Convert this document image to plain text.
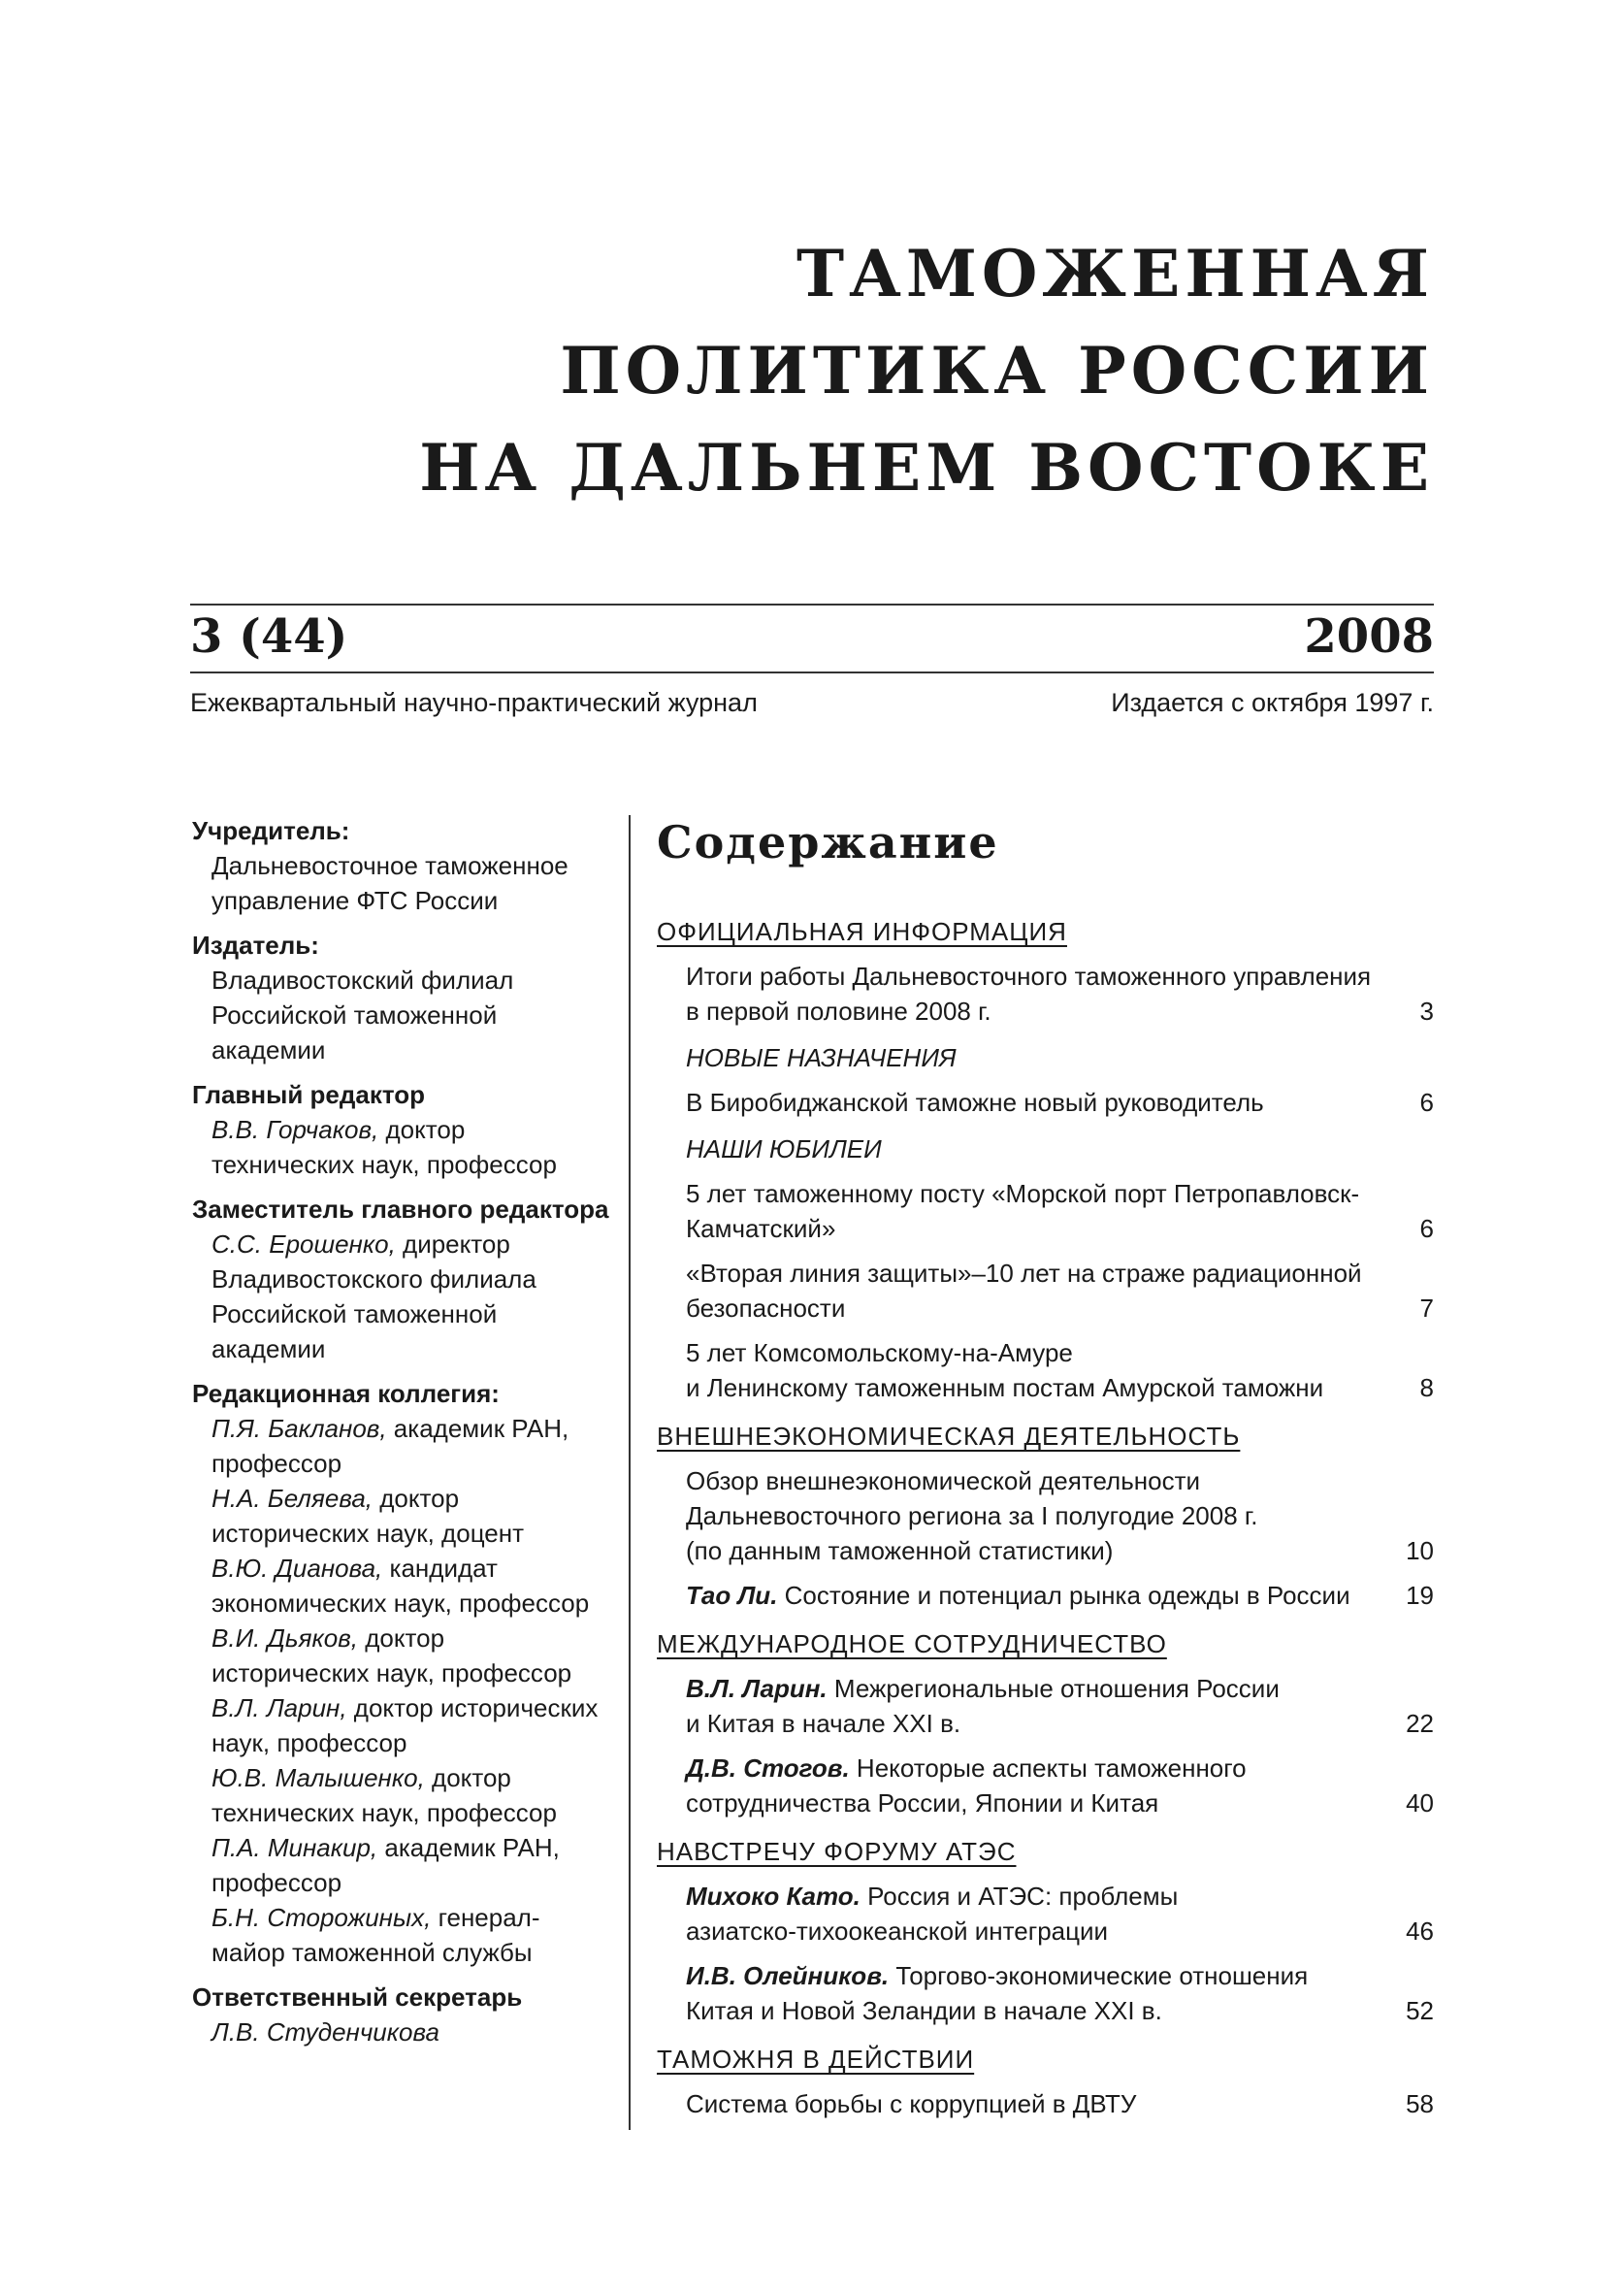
ТАМОЖЕННАЯ
ПОЛИТИКА РОССИИ
НА ДАЛЬНЕМ ВОСТОКЕ
3 (44)	2008
Ежеквартальный научно-практический журнал	Издается с октября 1997 г.
Учредитель:
Дальневосточное таможенное
управление ФТС России
Издатель:
Владивостокский филиал
Российской таможенной
академии
Главный редактор
В.В. Горчаков, доктор
технических наук, профессор
Заместитель главного редактора
С.С. Ерошенко, директор
Владивостокского филиала
Российской таможенной
академии
Редакционная коллегия:
П.Я. Бакланов, академик РАН,
профессор
Н.А. Беляева, доктор
исторических наук, доцент
В.Ю. Дианова, кандидат
экономических наук, профессор
В.И. Дьяков, доктор
исторических наук, профессор
В.Л. Ларин, доктор исторических
наук, профессор
Ю.В. Малышенко, доктор
технических наук, профессор
П.А. Минакир, академик РАН,
профессор
Б.Н. Сторожиных, генерал-
майор таможенной службы
Ответственный секретарь
Л.В. Студенчикова
Содержание
ОФИЦИАЛЬНАЯ ИНФОРМАЦИЯ
Итоги работы Дальневосточного таможенного управления
в первой половине 2008 г.	3
НОВЫЕ НАЗНАЧЕНИЯ
В Биробиджанской таможне новый руководитель	6
НАШИ ЮБИЛЕИ
5 лет таможенному посту «Морской порт Петропавловск-
Камчатский»	6
«Вторая линия защиты»–10 лет на страже радиационной
безопасности	7
5 лет Комсомольскому-на-Амуре
и Ленинскому таможенным постам Амурской таможни	8
ВНЕШНЕЭКОНОМИЧЕСКАЯ ДЕЯТЕЛЬНОСТЬ
Обзор внешнеэкономической деятельности
Дальневосточного региона за I полугодие 2008 г.
(по данным таможенной статистики)	10
Тао Ли. Состояние и потенциал рынка одежды в России	19
МЕЖДУНАРОДНОЕ СОТРУДНИЧЕСТВО
В.Л. Ларин. Межрегиональные отношения России
и Китая в начале XXI в.	22
Д.В. Стогов. Некоторые аспекты таможенного
сотрудничества России, Японии и Китая	40
НАВСТРЕЧУ ФОРУМУ АТЭС
Михоко Като. Россия и АТЭС: проблемы
азиатско-тихоокеанской интеграции	46
И.В. Олейников. Торгово-экономические отношения
Китая и Новой Зеландии в начале XXI в.	52
ТАМОЖНЯ В ДЕЙСТВИИ
Система борьбы с коррупцией в ДВТУ	58
